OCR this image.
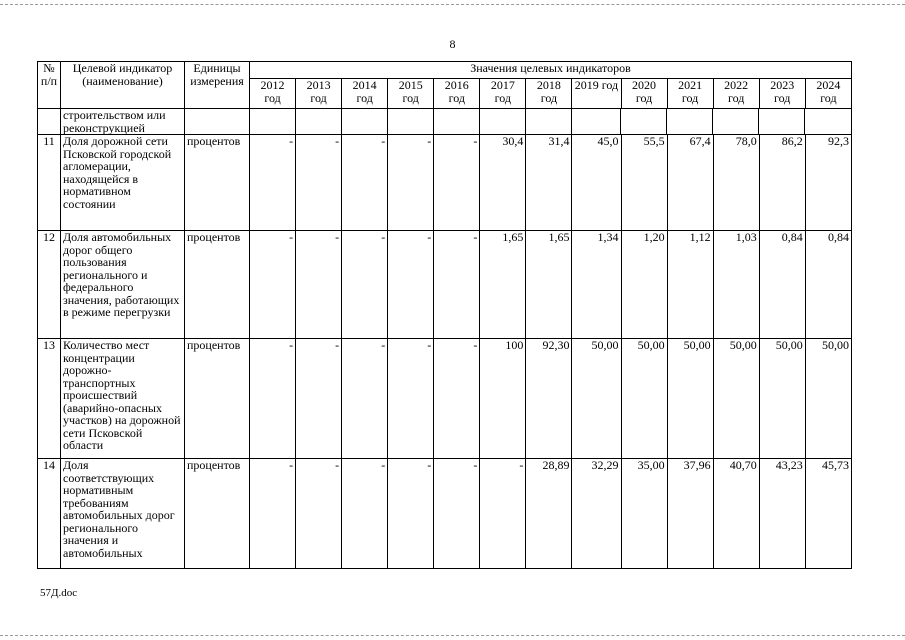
8
№ п/п	Целевой индикатор (наименование)	Единицы измерения	Значения целевых индикаторов												
			2012 год	2013 год	2014 год	2015 год	2016 год	2017 год	2018 год	2019 год	2020 год	2021 год	2022 год	2023 год	2024 год
	строительством или реконструкцией														

11	Доля дорожной сети Псковской городской агломерации, находящейся в нормативном состоянии	процентов	-	-	-	-	-	30,4	31,4	45,0	55,5	67,4	78,0	86,2	92,3
12	Доля автомобильных дорог общего пользования регионального и федерального значения, работающих в режиме перегрузки	процентов	-	-	-	-	-	1,65	1,65	1,34	1,20	1,12	1,03	0,84	0,84
13	Количество мест концентрации дорожно-транспортных происшествий (аварийно-опасных участков) на дорожной сети Псковской области	процентов	-	-	-	-	-	100	92,30	50,00	50,00	50,00	50,00	50,00	50,00
14	Доля соответствующих нормативным требованиям автомобильных дорог регионального значения и автомобильных	процентов	-	-	-	-	-	-	28,89	32,29	35,00	37,96	40,70	43,23	45,73
57Д.doc
